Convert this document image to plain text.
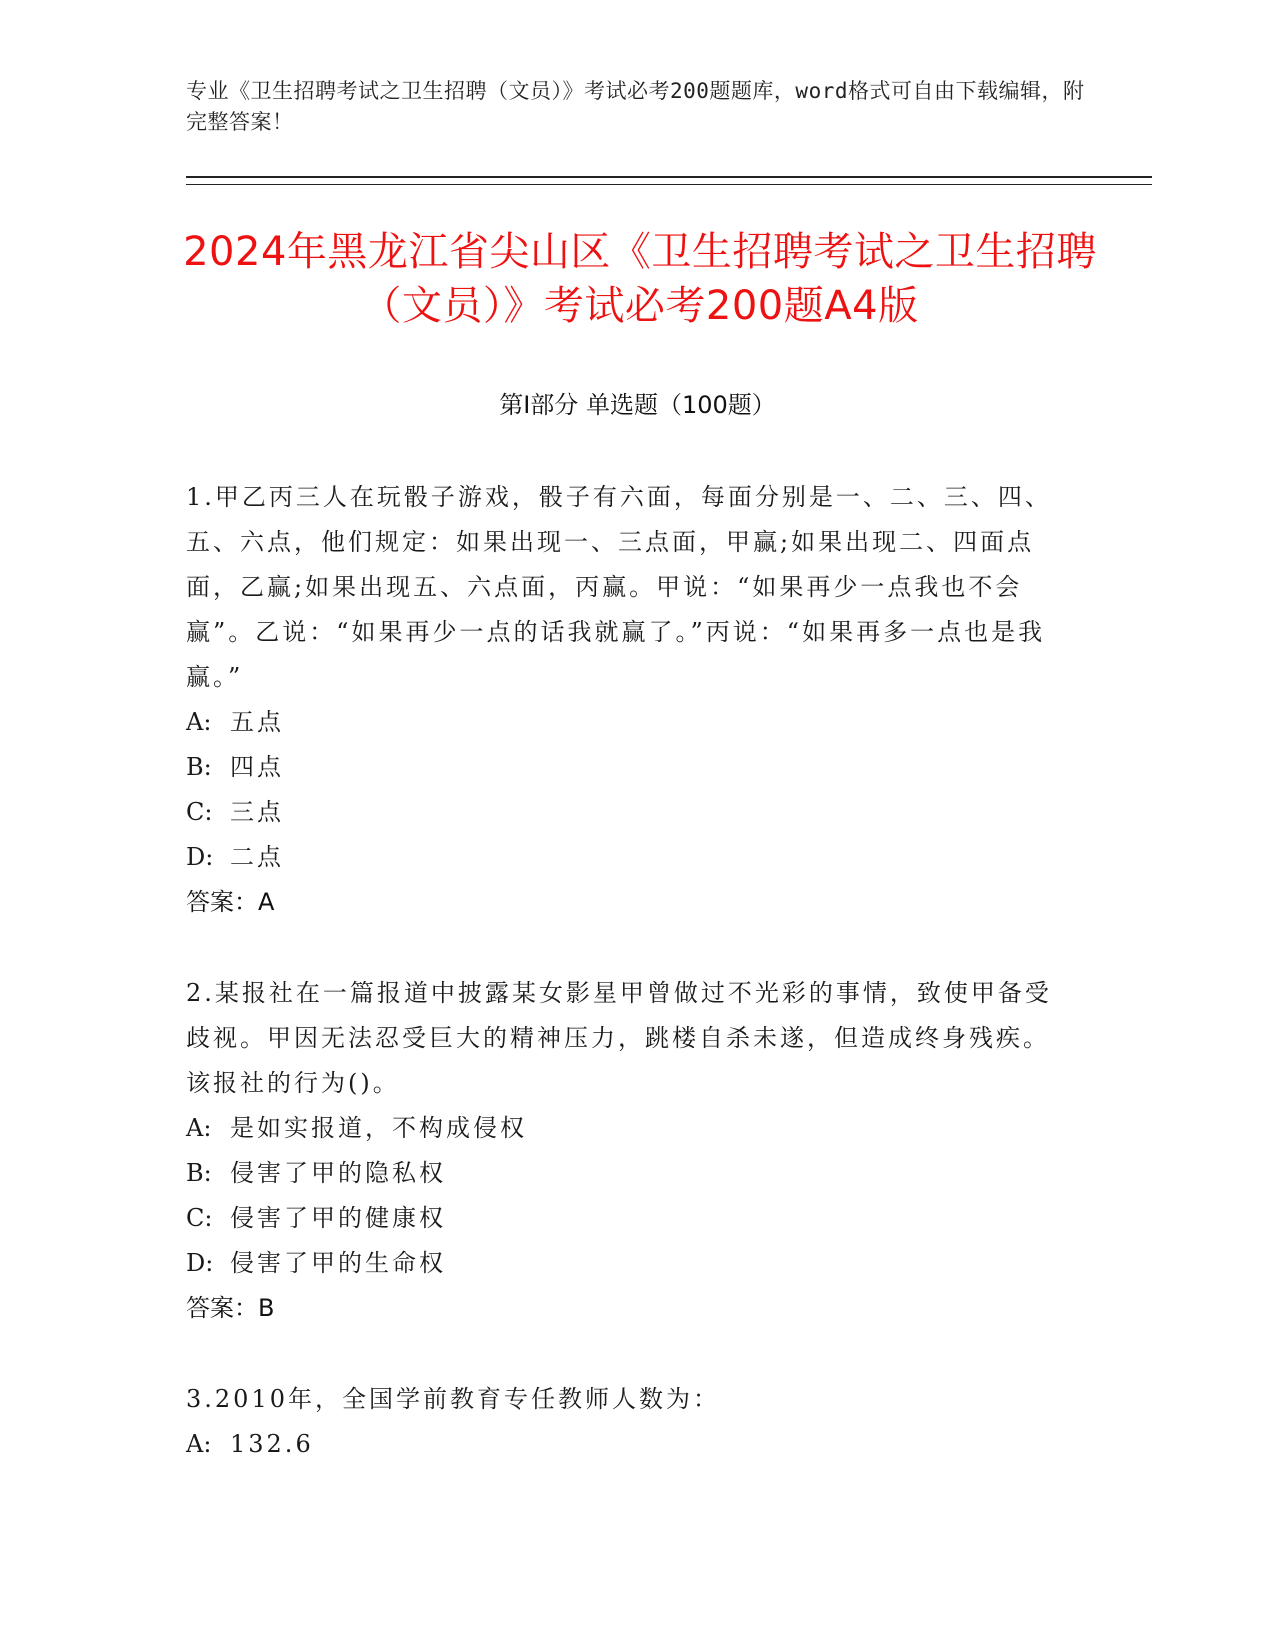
专业《卫生招聘考试之卫生招聘（文员）》考试必考200题题库，word格式可自由下载编辑，附完整答案！
2024年黑龙江省尖山区《卫生招聘考试之卫生招聘（文员）》考试必考200题A4版
第I部分 单选题（100题）

1.甲乙丙三人在玩骰子游戏，骰子有六面，每面分别是一、二、三、四、五、六点，他们规定：如果出现一、三点面，甲赢;如果出现二、四面点面，乙赢;如果出现五、六点面，丙赢。甲说：“如果再少一点我也不会赢”。乙说：“如果再少一点的话我就赢了。”丙说：“如果再多一点也是我赢。”

A: 五点
B: 四点
C: 三点
D: 二点

答案：A

2.某报社在一篇报道中披露某女影星甲曾做过不光彩的事情，致使甲备受歧视。甲因无法忍受巨大的精神压力，跳楼自杀未遂，但造成终身残疾。该报社的行为()。

A: 是如实报道，不构成侵权
B: 侵害了甲的隐私权
C: 侵害了甲的健康权
D: 侵害了甲的生命权

答案：B

3.2010年，全国学前教育专任教师人数为：

A: 132.6
